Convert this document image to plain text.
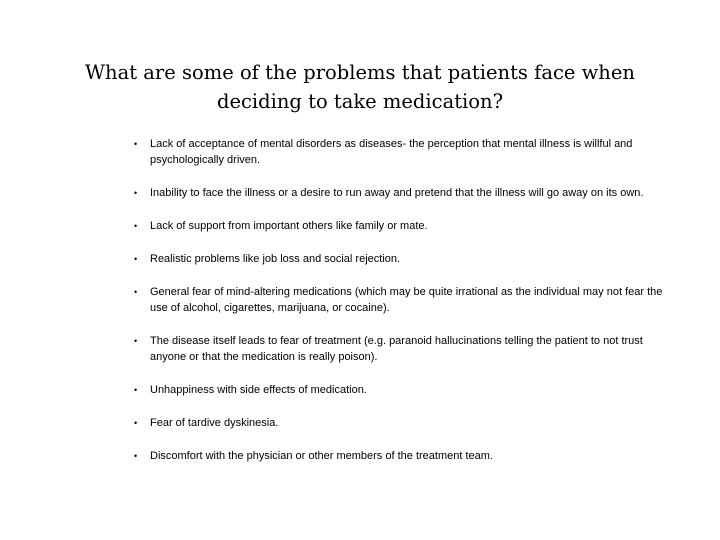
What are some of the problems that patients face when deciding to take medication?
• Lack of acceptance of mental disorders as diseases- the perception that mental illness is willful and psychologically driven.
• Inability to face the illness or a desire to run away and pretend that the illness will go away on its own.
• Lack of support from important others like family or mate.
• Realistic problems like job loss and social rejection.
• General fear of mind-altering medications (which may be quite irrational as the individual may not fear the use of alcohol, cigarettes, marijuana, or cocaine).
• The disease itself leads to fear of treatment (e.g. paranoid hallucinations telling the patient to not trust anyone or that the medication is really poison).
• Unhappiness with side effects of medication.
• Fear of tardive dyskinesia.
• Discomfort with the physician or other members of the treatment team.
